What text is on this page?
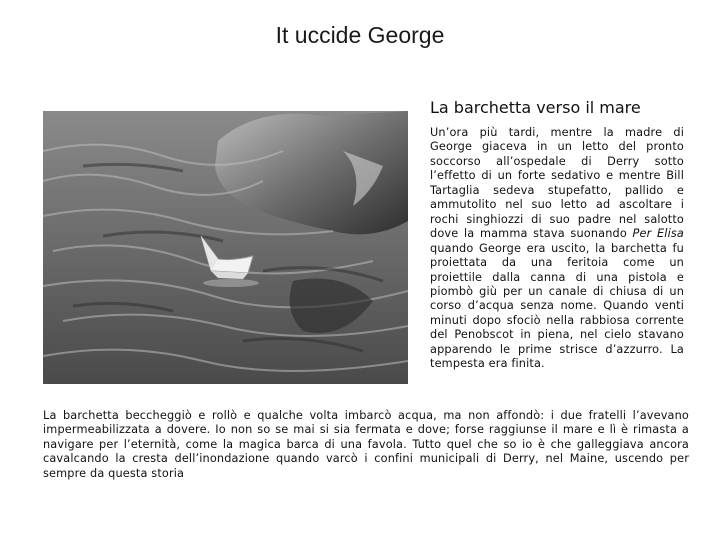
It uccide George
La barchetta verso il mare

Un’ora più tardi, mentre la madre di George giaceva in un letto del pronto soccorso all’ospedale di Derry sotto l’effetto di un forte sedativo e mentre Bill Tartaglia sedeva stupefatto, pallido e ammutolito nel suo letto ad ascoltare i rochi singhiozzi di suo padre nel salotto dove la mamma stava suonando Per Elisa quando George era uscito, la barchetta fu proiettata da una feritoia come un proiettile dalla canna di una pistola e piombò giù per un canale di chiusa di un corso d’acqua senza nome. Quando venti minuti dopo sfociò nella rabbiosa corrente del Penobscot in piena, nel cielo stavano apparendo le prime strisce d’azzurro. La tempesta era finita.

La barchetta beccheggiò e rollò e qualche volta imbarcò acqua, ma non affondò: i due fratelli l’avevano impermeabilizzata a dovere. Io non so se mai si sia fermata e dove; forse raggiunse il mare e lì è rimasta a navigare per l’eternità, come la magica barca di una favola. Tutto quel che so io è che galleggiava ancora cavalcando la cresta dell’inondazione quando varcò i confini municipali di Derry, nel Maine, uscendo per sempre da questa storia
